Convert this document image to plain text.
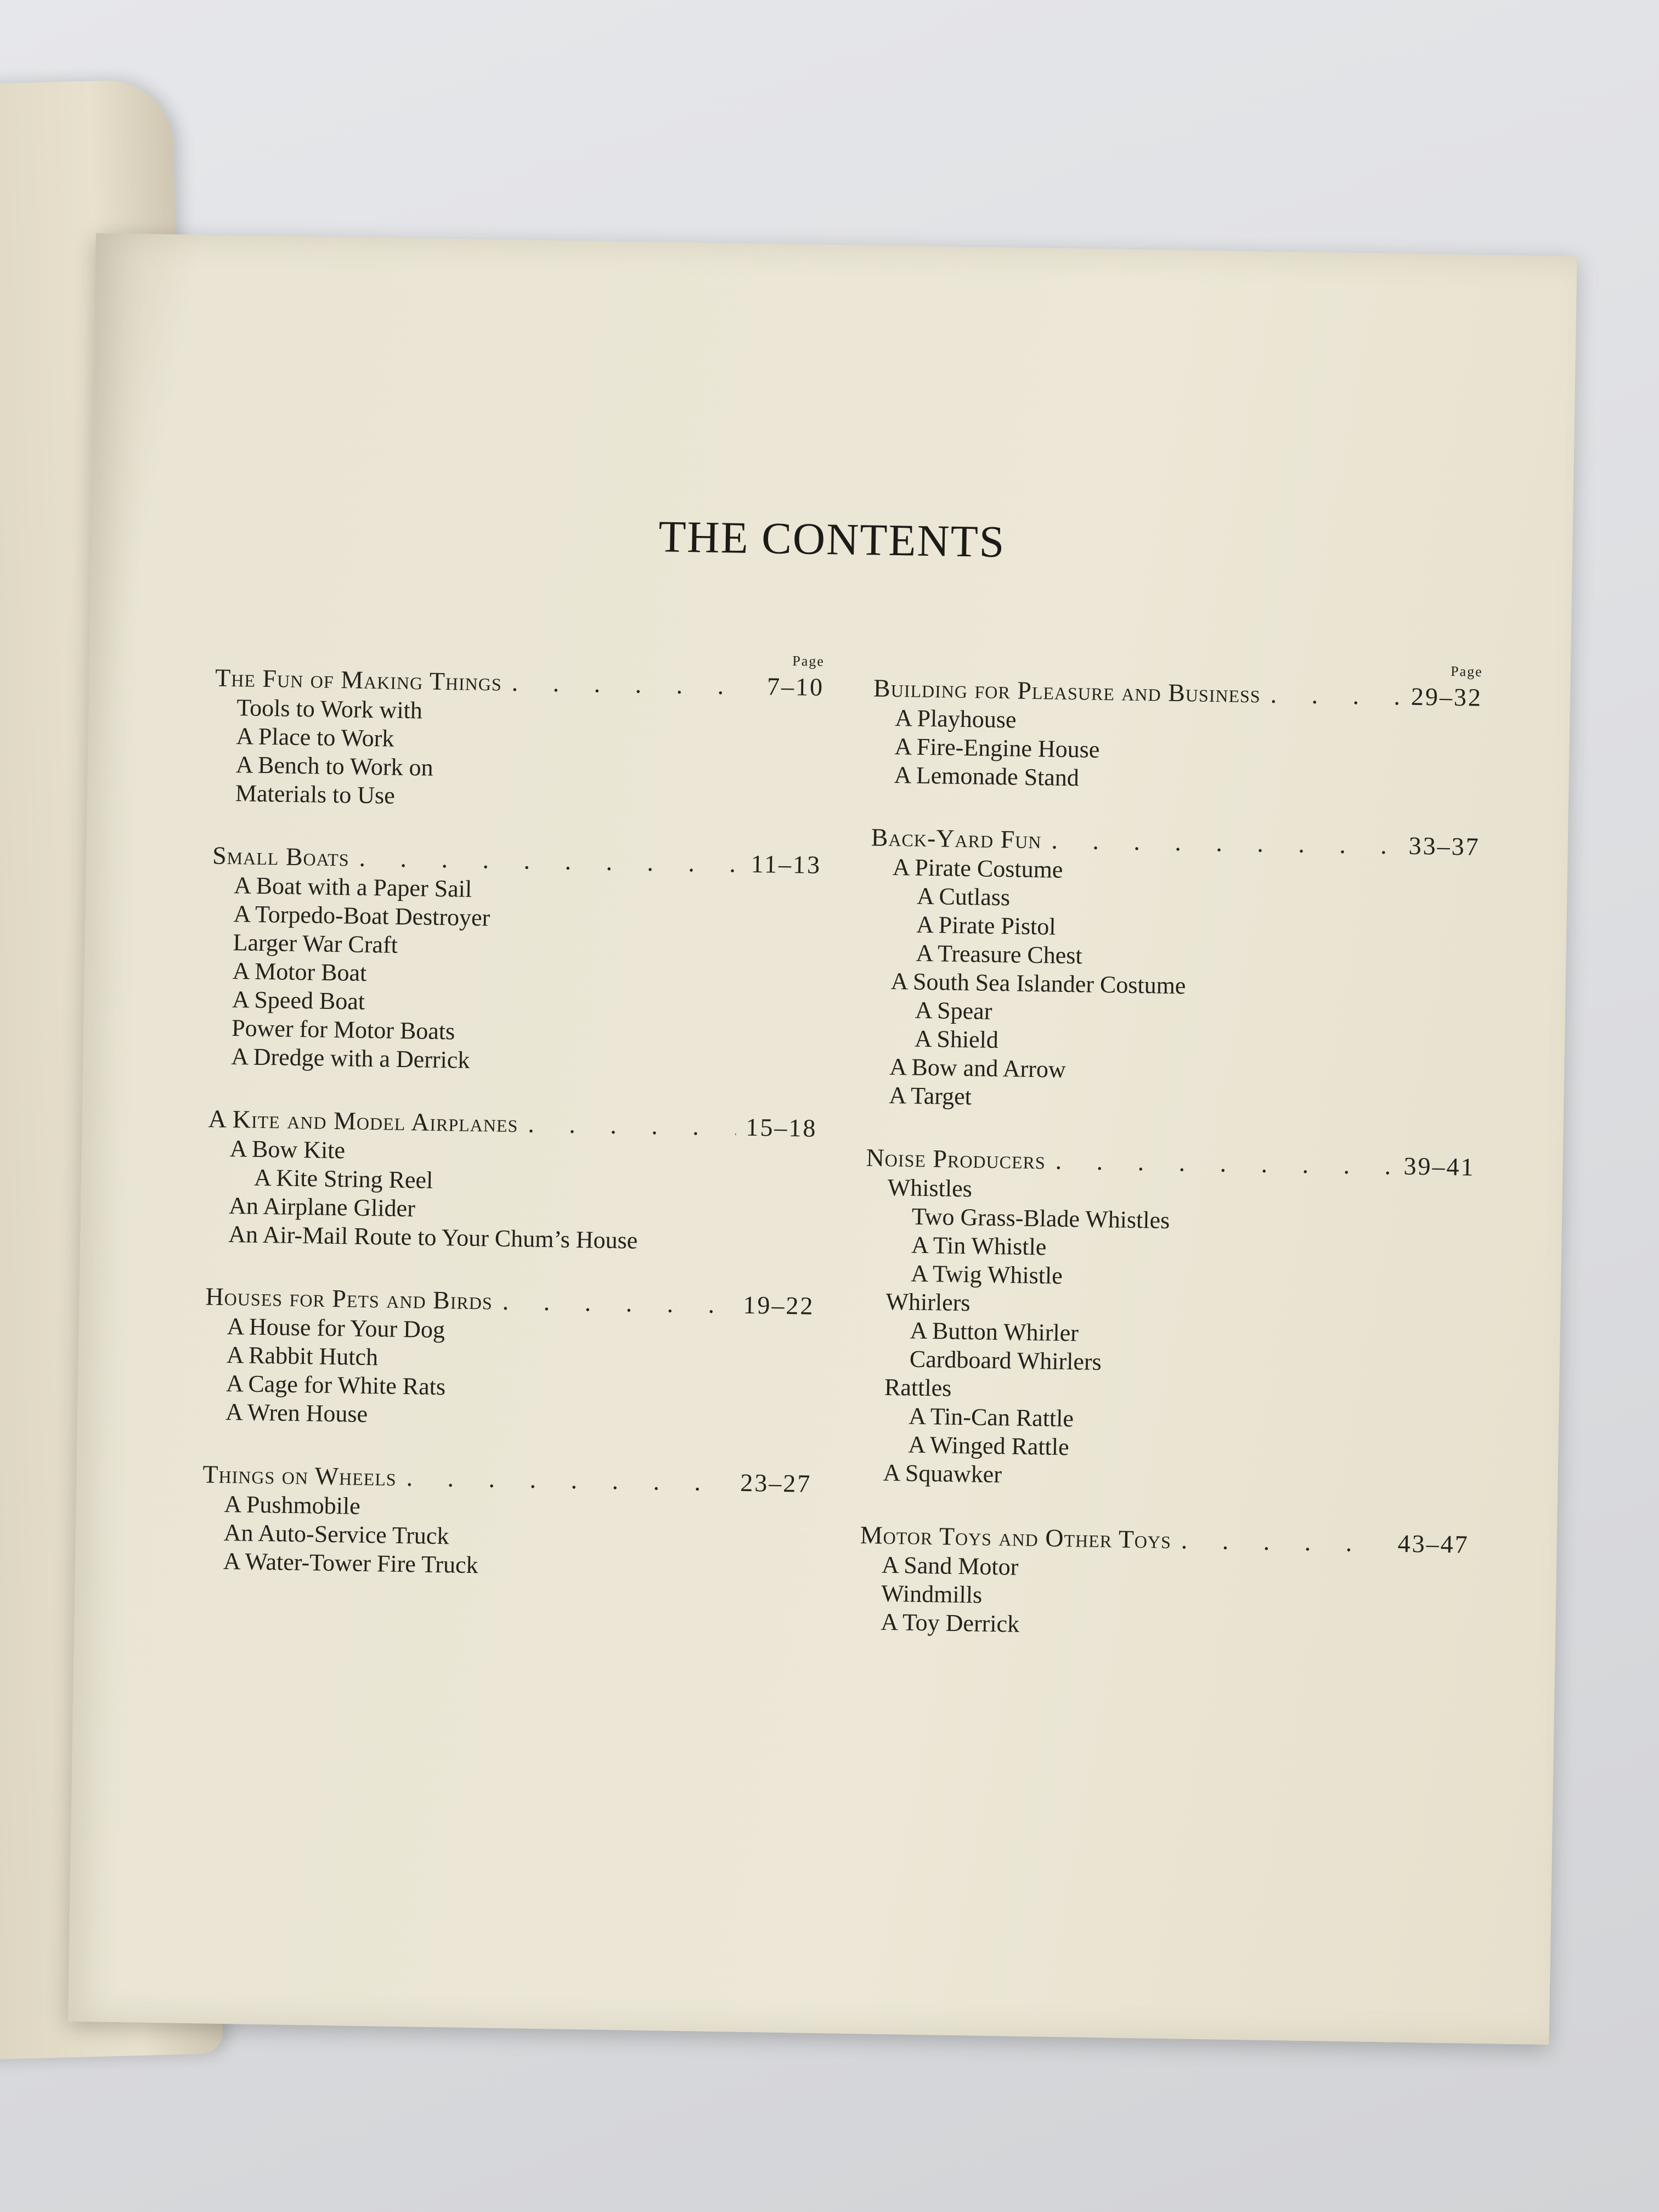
THE CONTENTS
Page
The Fun of Making Things . . .	7–10
Tools to Work with
A Place to Work
A Bench to Work on
Materials to Use
Small Boats . . .	11–13
A Boat with a Paper Sail
A Torpedo-Boat Destroyer
Larger War Craft
A Motor Boat
A Speed Boat
Power for Motor Boats
A Dredge with a Derrick
A Kite and Model Airplanes . . .	15–18
A Bow Kite
A Kite String Reel
An Airplane Glider
An Air-Mail Route to Your Chum’s House
Houses for Pets and Birds . . .	19–22
A House for Your Dog
A Rabbit Hutch
A Cage for White Rats
A Wren House
Things on Wheels . . .	23–27
A Pushmobile
An Auto-Service Truck
A Water-Tower Fire Truck
Page
Building for Pleasure and Business . . .	29–32
A Playhouse
A Fire-Engine House
A Lemonade Stand
Back-Yard Fun . . .	33–37
A Pirate Costume
A Cutlass
A Pirate Pistol
A Treasure Chest
A South Sea Islander Costume
A Spear
A Shield
A Bow and Arrow
A Target
Noise Producers . . .	39–41
Whistles
Two Grass-Blade Whistles
A Tin Whistle
A Twig Whistle
Whirlers
A Button Whirler
Cardboard Whirlers
Rattles
A Tin-Can Rattle
A Winged Rattle
A Squawker
Motor Toys and Other Toys . . .	43–47
A Sand Motor
Windmills
A Toy Derrick
